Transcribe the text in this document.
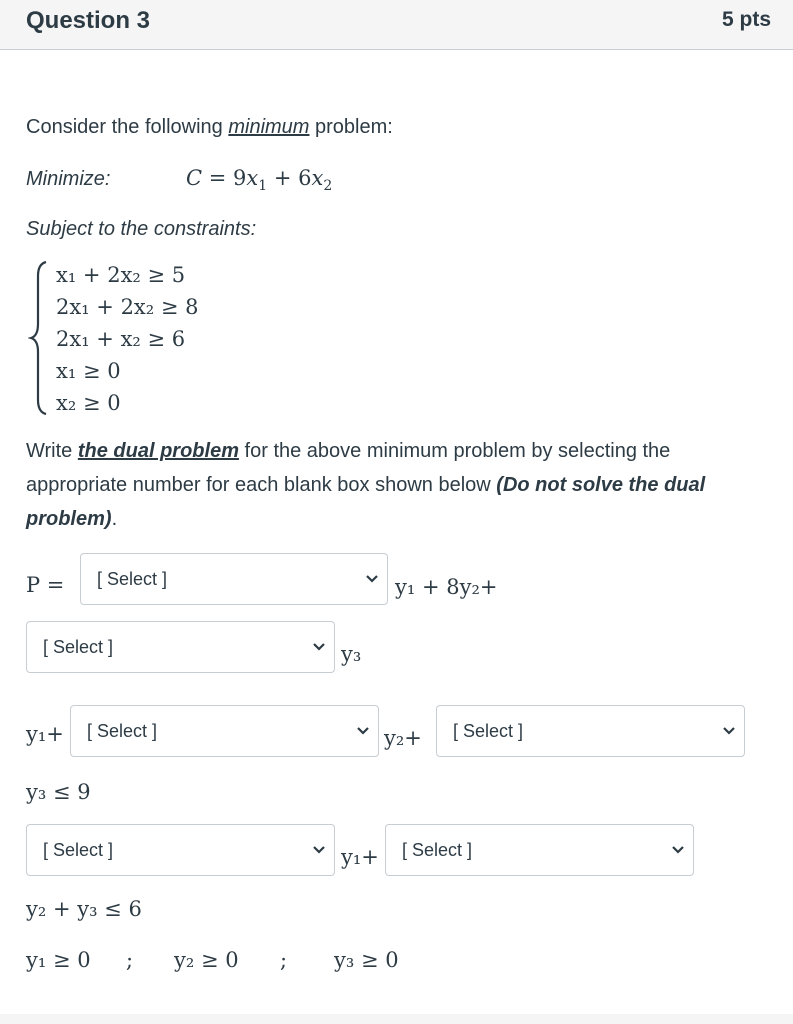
Question 3	5 pts
Consider the following minimum problem:
Minimize:	$C = 9x_1 + 6x_2$
Subject to the constraints:
x₁ + 2x₂ ≥ 5
2x₁ + 2x₂ ≥ 8
2x₁ + x₂ ≥ 6
x₁ ≥ 0
x₂ ≥ 0
Write the dual problem for the above minimum problem by selecting the
appropriate number for each blank box shown below (Do not solve the dual
problem).
P = [ Select ]	y₁ + 8y₂+
[ Select ]	y₃
y₁+ [ Select ]	y₂+ [ Select ]
y₃ ≤ 9
[ Select ]	y₁+ [ Select ]
y₂ + y₃ ≤ 6
y₁ ≥ 0 ; y₂ ≥ 0 ; y₃ ≥ 0
